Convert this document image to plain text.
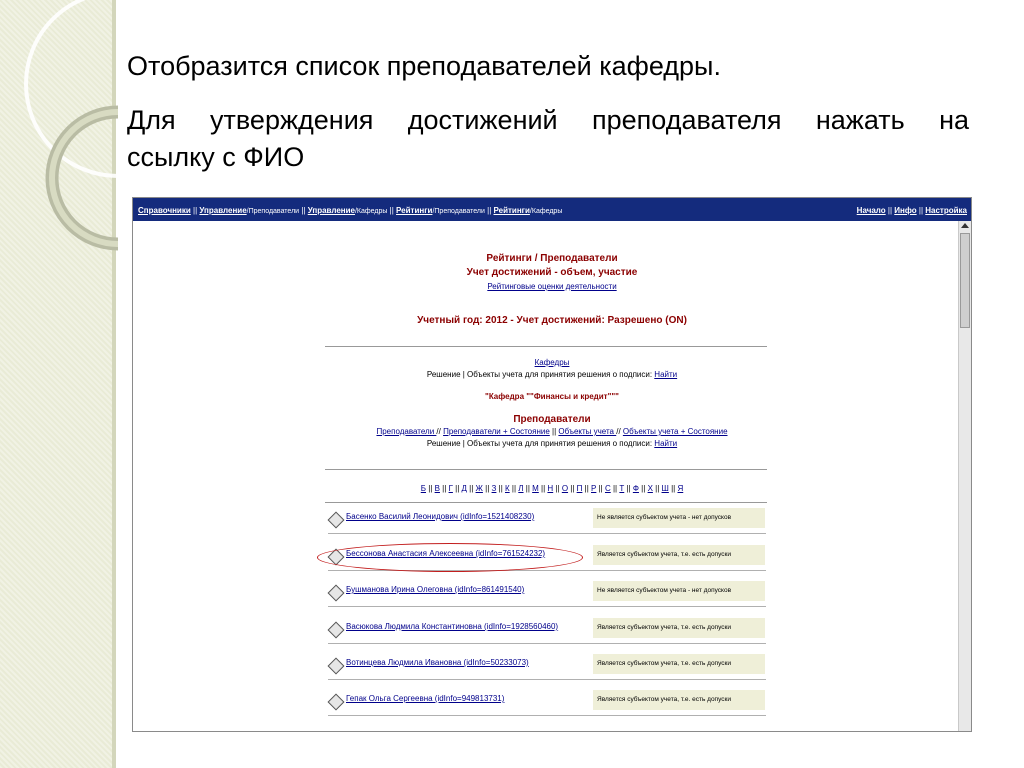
Отобразится список преподавателей кафедры.
Для утверждения достижений преподавателя нажать на
ссылку с ФИО
Справочники || Управление/Преподаватели || Управление/Кафедры || Рейтинги/Преподаватели || Рейтинги/Кафедры	Начало || Инфо || Настройка
Рейтинги / Преподаватели
Учет достижений - объем, участие
Рейтинговые оценки деятельности
Учетный год: 2012 - Учет достижений: Разрешено (ON)
Кафедры
Решение | Объекты учета для принятия решения о подписи: Найти
"Кафедра ""Финансы и кредит"""
Преподаватели
Преподаватели // Преподаватели + Состояние || Объекты учета // Объекты учета + Состояние
Решение | Объекты учета для принятия решения о подписи: Найти
Б || В || Г || Д || Ж || З || К || Л || М || Н || О || П || Р || С || Т || Ф || Х || Ш || Я
Басенко Василий Леонидович (idInfo=1521408230)	Не является субъектом учета - нет допусков
Бессонова Анастасия Алексеевна (idInfo=761524232)	Является субъектом учета, т.е. есть допуски
Бушманова Ирина Олеговна (idInfo=861491540)	Не является субъектом учета - нет допусков
Васюкова Людмила Константиновна (idInfo=1928560460)	Является субъектом учета, т.е. есть допуски
Вотинцева Людмила Ивановна (idInfo=50233073)	Является субъектом учета, т.е. есть допуски
Гепак Ольга Сергеевна (idInfo=949813731)	Является субъектом учета, т.е. есть допуски
